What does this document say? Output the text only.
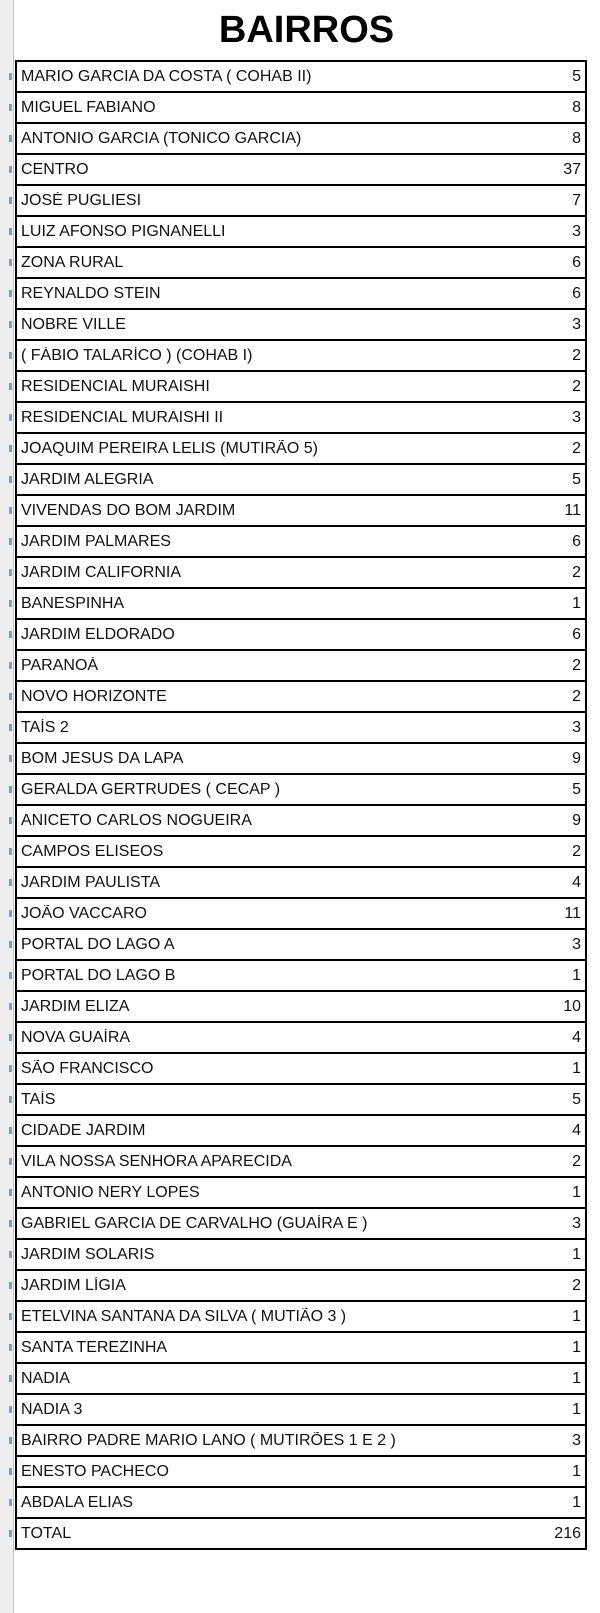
BAIRROS
MARIO GARCIA DA COSTA ( COHAB II)	5
MIGUEL FABIANO	8
ANTONIO GARCIA (TONICO GARCIA)	8
CENTRO	37
JOSÉ PUGLIESI	7
LUIZ AFONSO PIGNANELLI	3
ZONA RURAL	6
REYNALDO STEIN	6
NOBRE VILLE	3
( FÁBIO TALARÍCO ) (COHAB I)	2
RESIDENCIAL MURAISHI	2
RESIDENCIAL MURAISHI II	3
JOAQUIM PEREIRA LELIS (MUTIRÃO 5)	2
JARDIM ALEGRIA	5
VIVENDAS DO BOM JARDIM	11
JARDIM PALMARES	6
JARDIM CALIFORNIA	2
BANESPINHA	1
JARDIM ELDORADO	6
PARANOÁ	2
NOVO HORIZONTE	2
TAÍS 2	3
BOM JESUS DA LAPA	9
GERALDA GERTRUDES ( CECAP )	5
ANICETO CARLOS NOGUEIRA	9
CAMPOS ELISEOS	2
JARDIM PAULISTA	4
JOÃO VACCARO	11
PORTAL DO LAGO A	3
PORTAL DO LAGO B	1
JARDIM ELIZA	10
NOVA GUAÍRA	4
SÃO FRANCISCO	1
TAÍS	5
CIDADE JARDIM	4
VILA NOSSA SENHORA APARECIDA	2
ANTONIO NERY LOPES	1
GABRIEL GARCIA DE CARVALHO (GUAÍRA E )	3
JARDIM SOLARIS	1
JARDIM LÍGIA	2
ETELVINA SANTANA DA SILVA ( MUTIÃO 3 )	1
SANTA TEREZINHA	1
NADIA	1
NADIA 3	1
BAIRRO PADRE MARIO LANO ( MUTIRÕES 1 E 2 )	3
ENESTO PACHECO	1
ABDALA ELIAS	1
TOTAL	216
